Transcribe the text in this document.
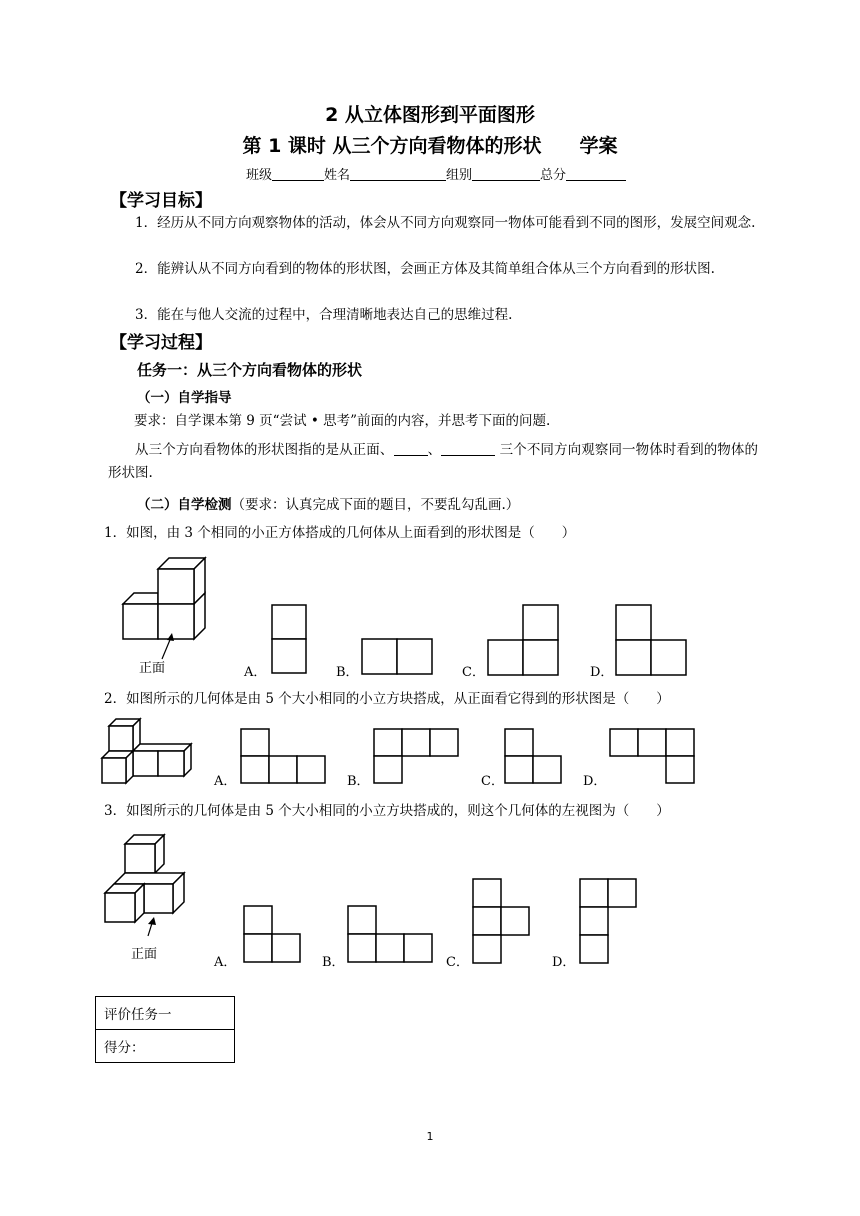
2 从立体图形到平面图形
第 1 课时 从三个方向看物体的形状 学案
班级	姓名	组别	总分
【学习目标】
1．经历从不同方向观察物体的活动，体会从不同方向观察同一物体可能看到不同的图形，发展空间观念.
2．能辨认从不同方向看到的物体的形状图，会画正方体及其简单组合体从三个方向看到的形状图.
3．能在与他人交流的过程中，合理清晰地表达自己的思维过程.
【学习过程】
任务一：从三个方向看物体的形状
（一）自学指导
要求：自学课本第 9 页“尝试 • 思考”前面的内容，并思考下面的问题.
从三个方向看物体的形状图指的是从正面、	、	三个不同方向观察同一物体时看到的物体的形状图.
（二）自学检测（要求：认真完成下面的题目，不要乱勾乱画.）
1．如图，由 3 个相同的小正方体搭成的几何体从上面看到的形状图是（　　）
正面	A．	B．	C．	D．
2．如图所示的几何体是由 5 个大小相同的小立方块搭成，从正面看它得到的形状图是（　　）
A．	B．	C．	D．
3．如图所示的几何体是由 5 个大小相同的小立方块搭成的，则这个几何体的左视图为（　　）
正面
A．	B．	C．	D．
评价任务一
得分：
1
